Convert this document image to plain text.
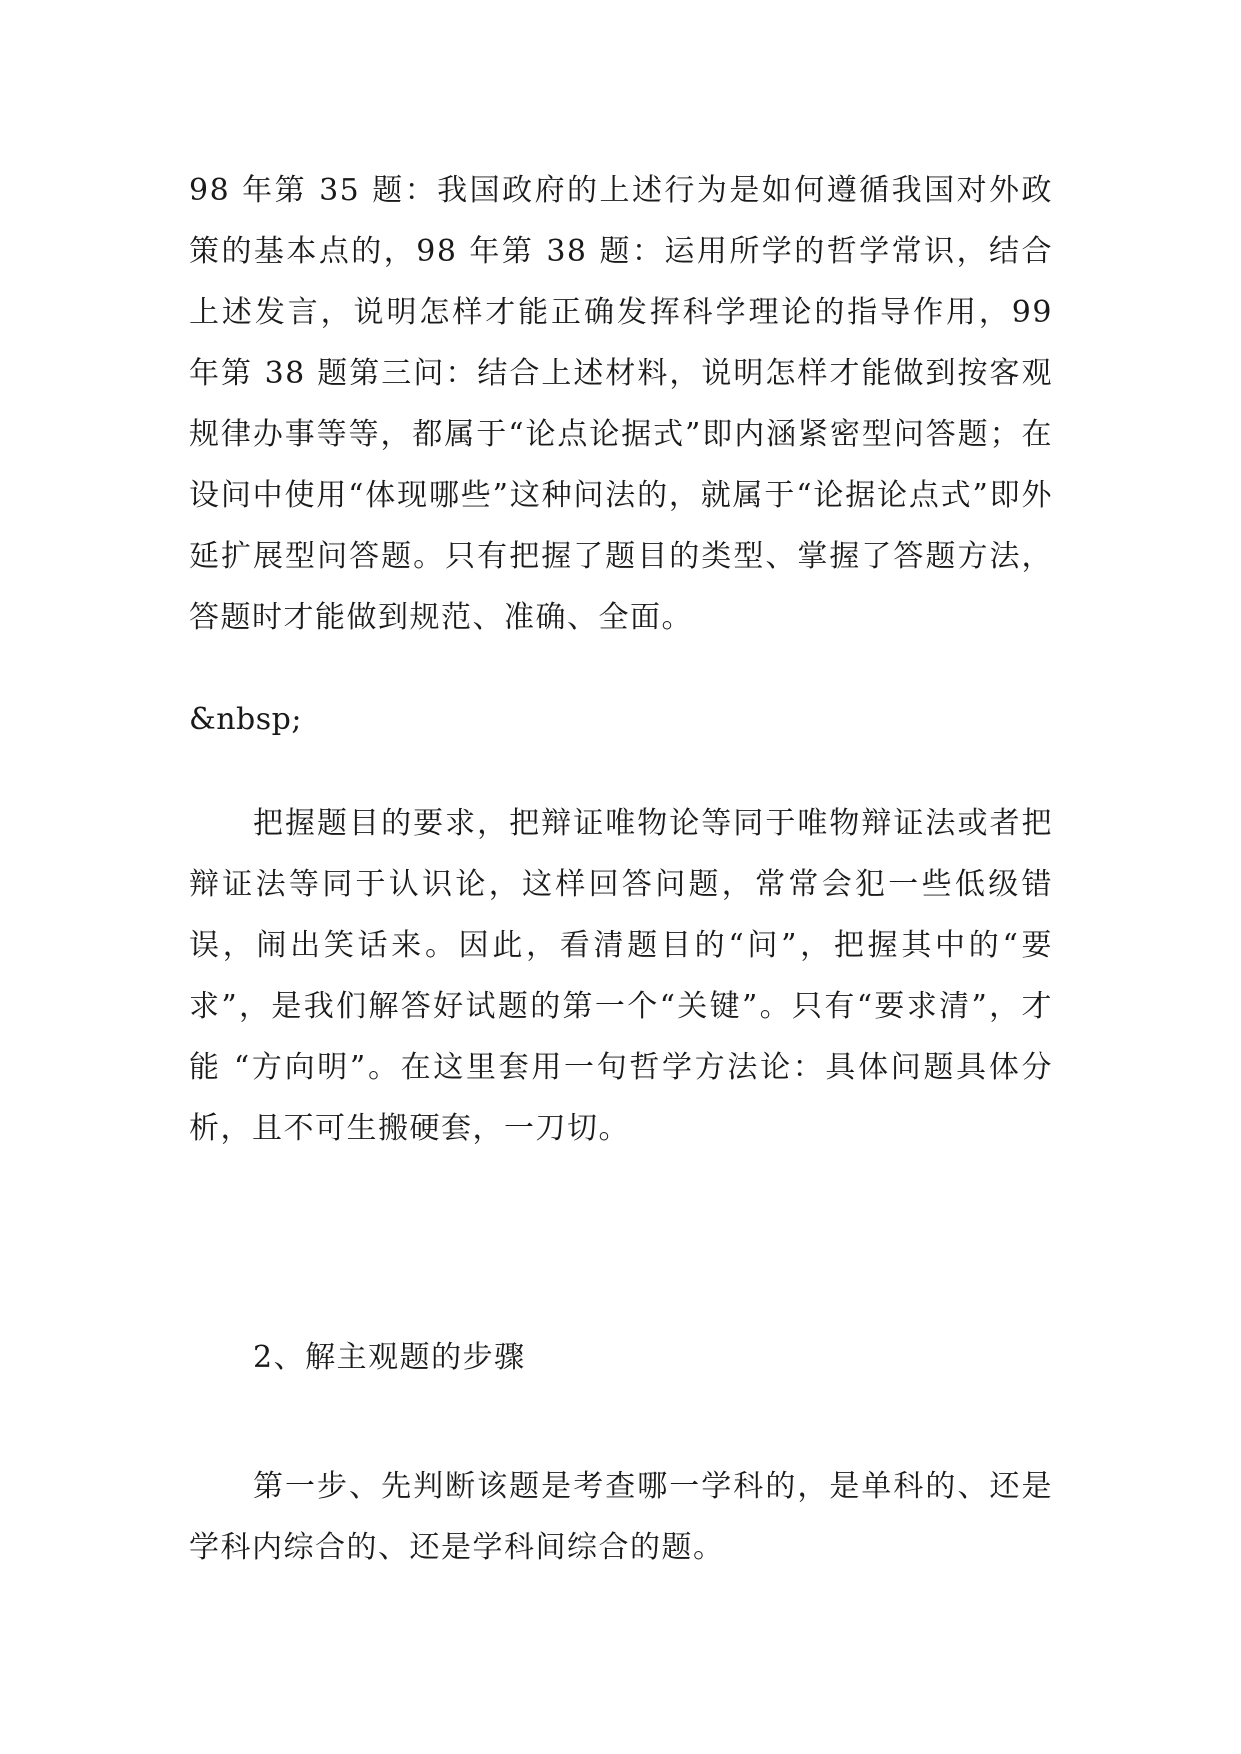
98 年第 35 题：我国政府的上述行为是如何遵循我国对外政策的基本点的，98 年第 38 题：运用所学的哲学常识，结合上述发言，说明怎样才能正确发挥科学理论的指导作用，99 年第 38 题第三问：结合上述材料，说明怎样才能做到按客观规律办事等等，都属于“论点论据式”即内涵紧密型问答题；在设问中使用“体现哪些”这种问法的，就属于“论据论点式”即外延扩展型问答题。只有把握了题目的类型、掌握了答题方法，答题时才能做到规范、准确、全面。

&nbsp;

把握题目的要求，把辩证唯物论等同于唯物辩证法或者把辩证法等同于认识论，这样回答问题，常常会犯一些低级错误，闹出笑话来。因此，看清题目的“问”，把握其中的“要求”，是我们解答好试题的第一个“关键”。只有“要求清”，才能 “方向明”。在这里套用一句哲学方法论：具体问题具体分析，且不可生搬硬套，一刀切。

2、解主观题的步骤

第一步、先判断该题是考查哪一学科的，是单科的、还是学科内综合的、还是学科间综合的题。
